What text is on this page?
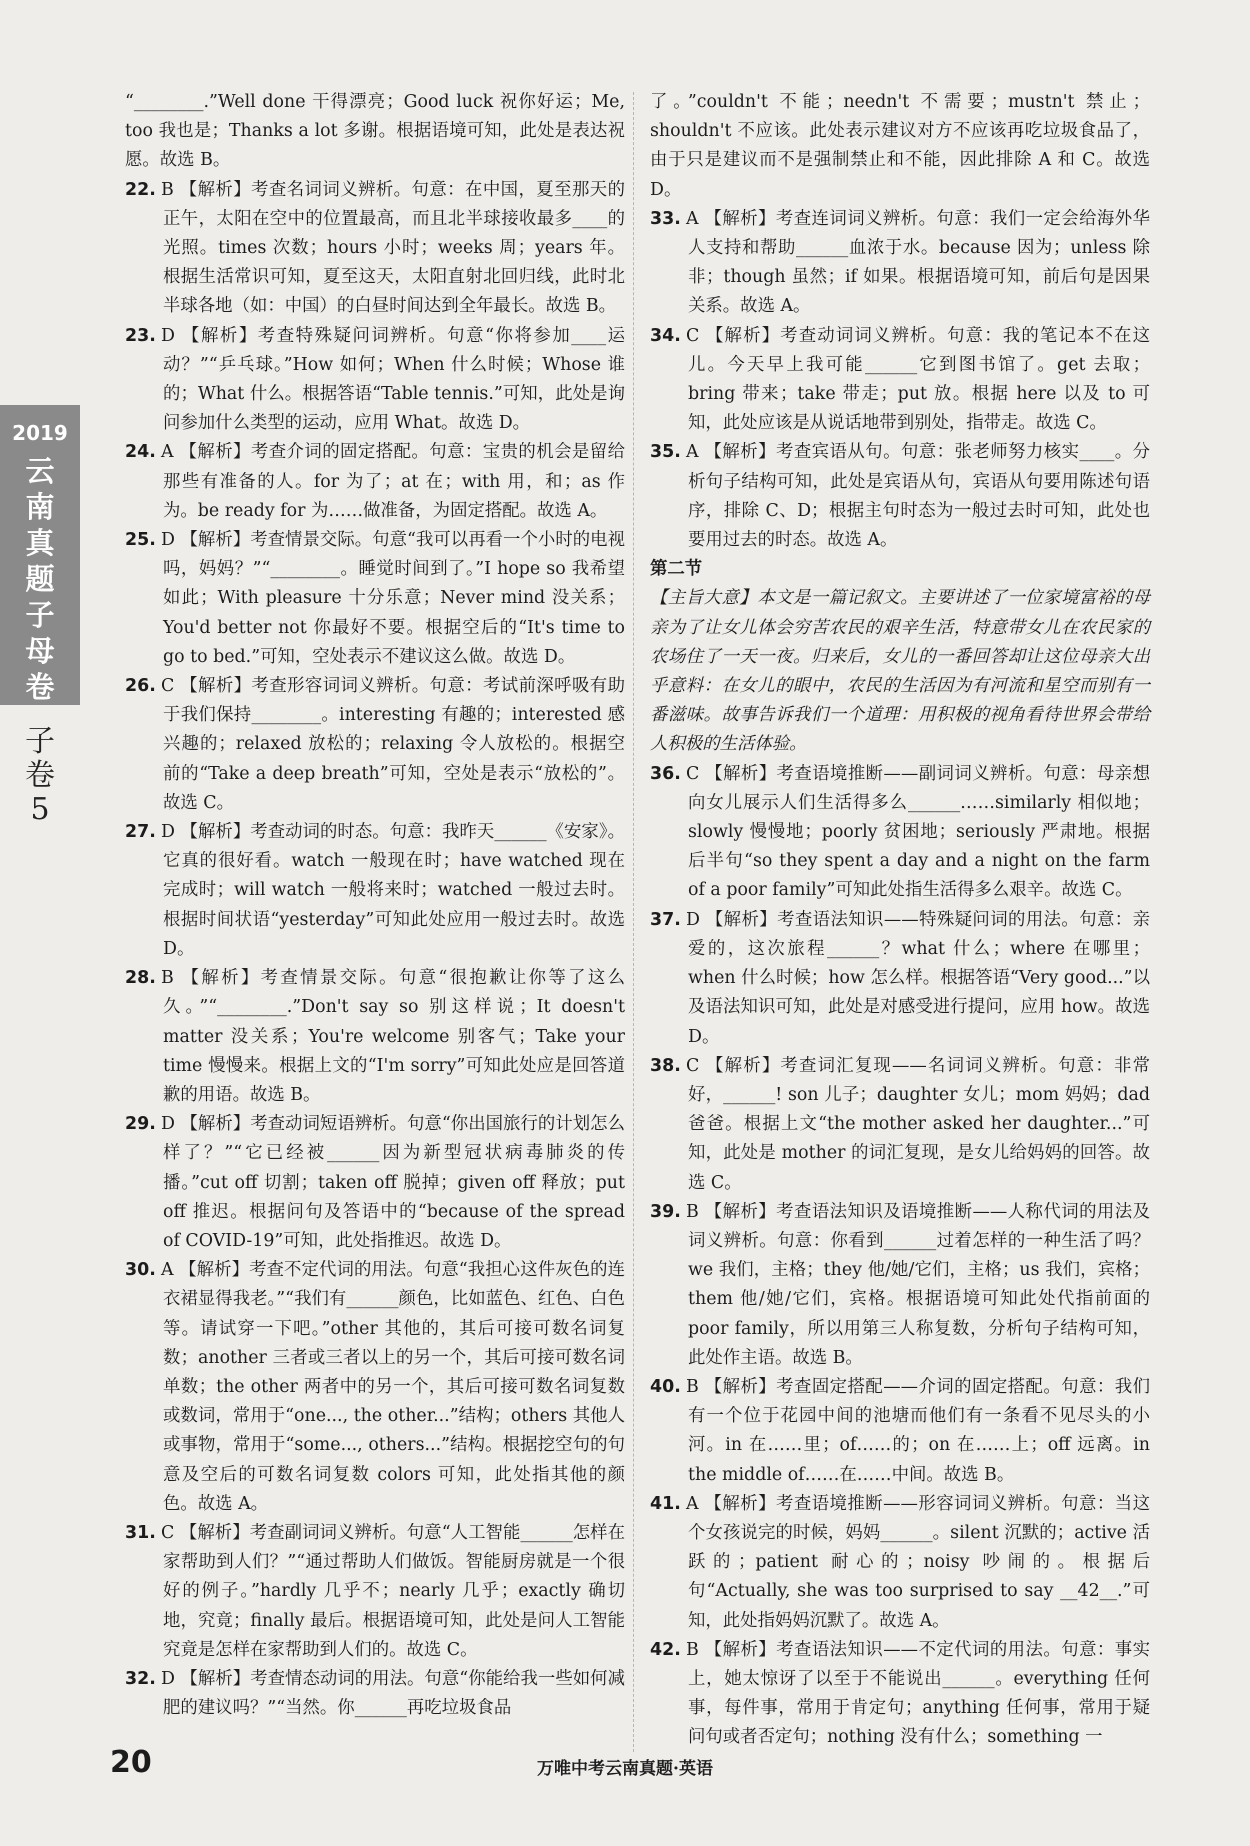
2019
云
南
真
题
子
母
卷
子
卷
5

“________.”Well done 干得漂亮；Good luck 祝你好运；Me, too 我也是；Thanks a lot 多谢。根据语境可知，此处是表达祝愿。故选 B。

22. B 【解析】考查名词词义辨析。句意：在中国，夏至那天的正午，太阳在空中的位置最高，而且北半球接收最多____的光照。times 次数；hours 小时；weeks 周；years 年。根据生活常识可知，夏至这天，太阳直射北回归线，此时北半球各地（如：中国）的白昼时间达到全年最长。故选 B。

23. D 【解析】考查特殊疑问词辨析。句意“你将参加____运动？”“乒乓球。”How 如何；When 什么时候；Whose 谁的；What 什么。根据答语“Table tennis.”可知，此处是询问参加什么类型的运动，应用 What。故选 D。

24. A 【解析】考查介词的固定搭配。句意：宝贵的机会是留给那些有准备的人。for 为了；at 在；with 用，和；as 作为。be ready for 为……做准备，为固定搭配。故选 A。

25. D 【解析】考查情景交际。句意“我可以再看一个小时的电视吗，妈妈？”“________。睡觉时间到了。”I hope so 我希望如此；With pleasure 十分乐意；Never mind 没关系；You'd better not 你最好不要。根据空后的“It's time to go to bed.”可知，空处表示不建议这么做。故选 D。

26. C 【解析】考查形容词词义辨析。句意：考试前深呼吸有助于我们保持________。interesting 有趣的；interested 感兴趣的；relaxed 放松的；relaxing 令人放松的。根据空前的“Take a deep breath”可知，空处是表示“放松的”。故选 C。

27. D 【解析】考查动词的时态。句意：我昨天______《安家》。它真的很好看。watch 一般现在时；have watched 现在完成时；will watch 一般将来时；watched 一般过去时。根据时间状语“yesterday”可知此处应用一般过去时。故选 D。

28. B 【解析】考查情景交际。句意“很抱歉让你等了这么久。”“________.”Don't say so 别这样说；It doesn't matter 没关系；You're welcome 别客气；Take your time 慢慢来。根据上文的“I'm sorry”可知此处应是回答道歉的用语。故选 B。

29. D 【解析】考查动词短语辨析。句意“你出国旅行的计划怎么样了？”“它已经被______因为新型冠状病毒肺炎的传播。”cut off 切割；taken off 脱掉；given off 释放；put off 推迟。根据问句及答语中的“because of the spread of COVID-19”可知，此处指推迟。故选 D。

30. A 【解析】考查不定代词的用法。句意“我担心这件灰色的连衣裙显得我老。”“我们有______颜色，比如蓝色、红色、白色等。请试穿一下吧。”other 其他的，其后可接可数名词复数；another 三者或三者以上的另一个，其后可接可数名词单数；the other 两者中的另一个，其后可接可数名词复数或数词，常用于“one..., the other...”结构；others 其他人或事物，常用于“some..., others...”结构。根据挖空句的句意及空后的可数名词复数 colors 可知，此处指其他的颜色。故选 A。

31. C 【解析】考查副词词义辨析。句意“人工智能______怎样在家帮助到人们？”“通过帮助人们做饭。智能厨房就是一个很好的例子。”hardly 几乎不；nearly 几乎；exactly 确切地，究竟；finally 最后。根据语境可知，此处是问人工智能究竟是怎样在家帮助到人们的。故选 C。

32. D 【解析】考查情态动词的用法。句意“你能给我一些如何减肥的建议吗？”“当然。你______再吃垃圾食品

了。”couldn't 不能；needn't 不需要；mustn't 禁止；shouldn't 不应该。此处表示建议对方不应该再吃垃圾食品了，由于只是建议而不是强制禁止和不能，因此排除 A 和 C。故选 D。

33. A 【解析】考查连词词义辨析。句意：我们一定会给海外华人支持和帮助______血浓于水。because 因为；unless 除非；though 虽然；if 如果。根据语境可知，前后句是因果关系。故选 A。

34. C 【解析】考查动词词义辨析。句意：我的笔记本不在这儿。今天早上我可能______它到图书馆了。get 去取；bring 带来；take 带走；put 放。根据 here 以及 to 可知，此处应该是从说话地带到别处，指带走。故选 C。

35. A 【解析】考查宾语从句。句意：张老师努力核实____。分析句子结构可知，此处是宾语从句，宾语从句要用陈述句语序，排除 C、D；根据主句时态为一般过去时可知，此处也要用过去的时态。故选 A。

第二节

【主旨大意】本文是一篇记叙文。主要讲述了一位家境富裕的母亲为了让女儿体会穷苦农民的艰辛生活，特意带女儿在农民家的农场住了一天一夜。归来后，女儿的一番回答却让这位母亲大出乎意料：在女儿的眼中，农民的生活因为有河流和星空而别有一番滋味。故事告诉我们一个道理：用积极的视角看待世界会带给人积极的生活体验。

36. C 【解析】考查语境推断——副词词义辨析。句意：母亲想向女儿展示人们生活得多么______……similarly 相似地；slowly 慢慢地；poorly 贫困地；seriously 严肃地。根据后半句“so they spent a day and a night on the farm of a poor family”可知此处指生活得多么艰辛。故选 C。

37. D 【解析】考查语法知识——特殊疑问词的用法。句意：亲爱的，这次旅程______？what 什么；where 在哪里；when 什么时候；how 怎么样。根据答语“Very good...”以及语法知识可知，此处是对感受进行提问，应用 how。故选 D。

38. C 【解析】考查词汇复现——名词词义辨析。句意：非常好，______! son 儿子；daughter 女儿；mom 妈妈；dad 爸爸。根据上文“the mother asked her daughter...”可知，此处是 mother 的词汇复现，是女儿给妈妈的回答。故选 C。

39. B 【解析】考查语法知识及语境推断——人称代词的用法及词义辨析。句意：你看到______过着怎样的一种生活了吗？we 我们，主格；they 他/她/它们，主格；us 我们，宾格；them 他/她/它们，宾格。根据语境可知此处代指前面的 poor family，所以用第三人称复数，分析句子结构可知，此处作主语。故选 B。

40. B 【解析】考查固定搭配——介词的固定搭配。句意：我们有一个位于花园中间的池塘而他们有一条看不见尽头的小河。in 在……里；of……的；on 在……上；off 远离。in the middle of……在……中间。故选 B。

41. A 【解析】考查语境推断——形容词词义辨析。句意：当这个女孩说完的时候，妈妈______。silent 沉默的；active 活跃的；patient 耐心的；noisy 吵闹的。根据后句“Actually, she was too surprised to say __42__.”可知，此处指妈妈沉默了。故选 A。

42. B 【解析】考查语法知识——不定代词的用法。句意：事实上，她太惊讶了以至于不能说出______。everything 任何事，每件事，常用于肯定句；anything 任何事，常用于疑问句或者否定句；nothing 没有什么；something 一

20	万唯中考云南真题·英语
